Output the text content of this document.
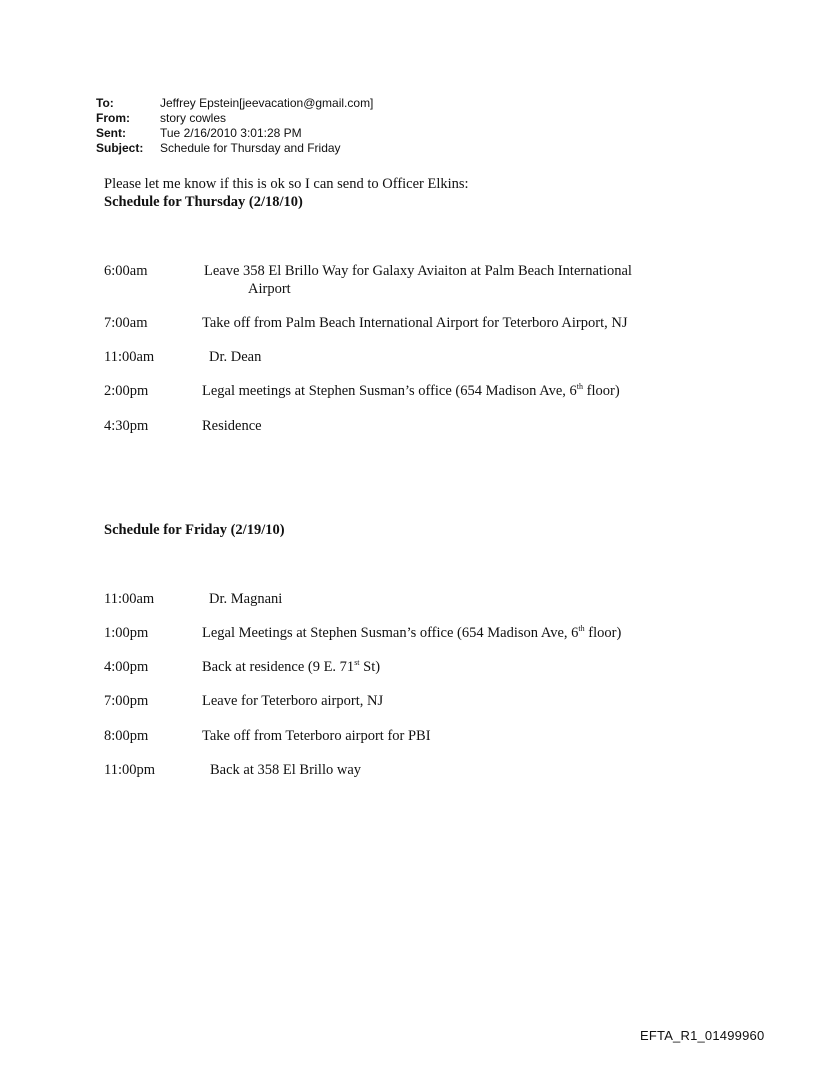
To:	Jeffrey Epstein[jeevacation@gmail.com]
From:	story cowles
Sent:	Tue 2/16/2010 3:01:28 PM
Subject:	Schedule for Thursday and Friday
Please let me know if this is ok so I can send to Officer Elkins:
Schedule for Thursday (2/18/10)
6:00am	Leave 358 El Brillo Way for Galaxy Aviaiton at Palm Beach International
Airport
7:00am	Take off from Palm Beach International Airport for Teterboro Airport, NJ
11:00am	Dr. Dean
2:00pm	Legal meetings at Stephen Susman’s office (654 Madison Ave, 6th floor)
4:30pm	Residence
Schedule for Friday (2/19/10)
11:00am	Dr. Magnani
1:00pm	Legal Meetings at Stephen Susman’s office (654 Madison Ave, 6th floor)
4:00pm	Back at residence (9 E. 71st St)
7:00pm	Leave for Teterboro airport, NJ
8:00pm	Take off from Teterboro airport for PBI
11:00pm	Back at 358 El Brillo way
EFTA_R1_01499960
